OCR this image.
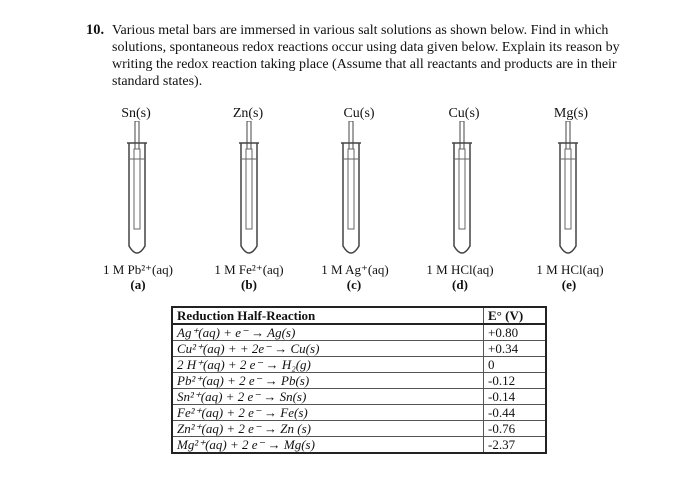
10. Various metal bars are immersed in various salt solutions as shown below. Find in which solutions, spontaneous redox reactions occur using data given below. Explain its reason by writing the redox reaction taking place (Assume that all reactants and products are in their standard states).
Sn(s)
1 M Pb²⁺(aq)
(a)
Zn(s)
1 M Fe²⁺(aq)
(b)
Cu(s)
1 M Ag⁺(aq)
(c)
Cu(s)
1 M HCl(aq)
(d)
Mg(s)
1 M HCl(aq)
(e)
Reduction Half-Reaction	E° (V)
Ag⁺(aq) + e⁻ → Ag(s)	+0.80
Cu²⁺(aq) + + 2e⁻ → Cu(s)	+0.34
2 H⁺(aq) + 2 e⁻ → H₂(g)	0
Pb²⁺(aq) + 2 e⁻ → Pb(s)	-0.12
Sn²⁺(aq) + 2 e⁻ → Sn(s)	-0.14
Fe²⁺(aq) + 2 e⁻ → Fe(s)	-0.44
Zn²⁺(aq) + 2 e⁻ → Zn (s)	-0.76
Mg²⁺(aq) + 2 e⁻ → Mg(s)	-2.37
